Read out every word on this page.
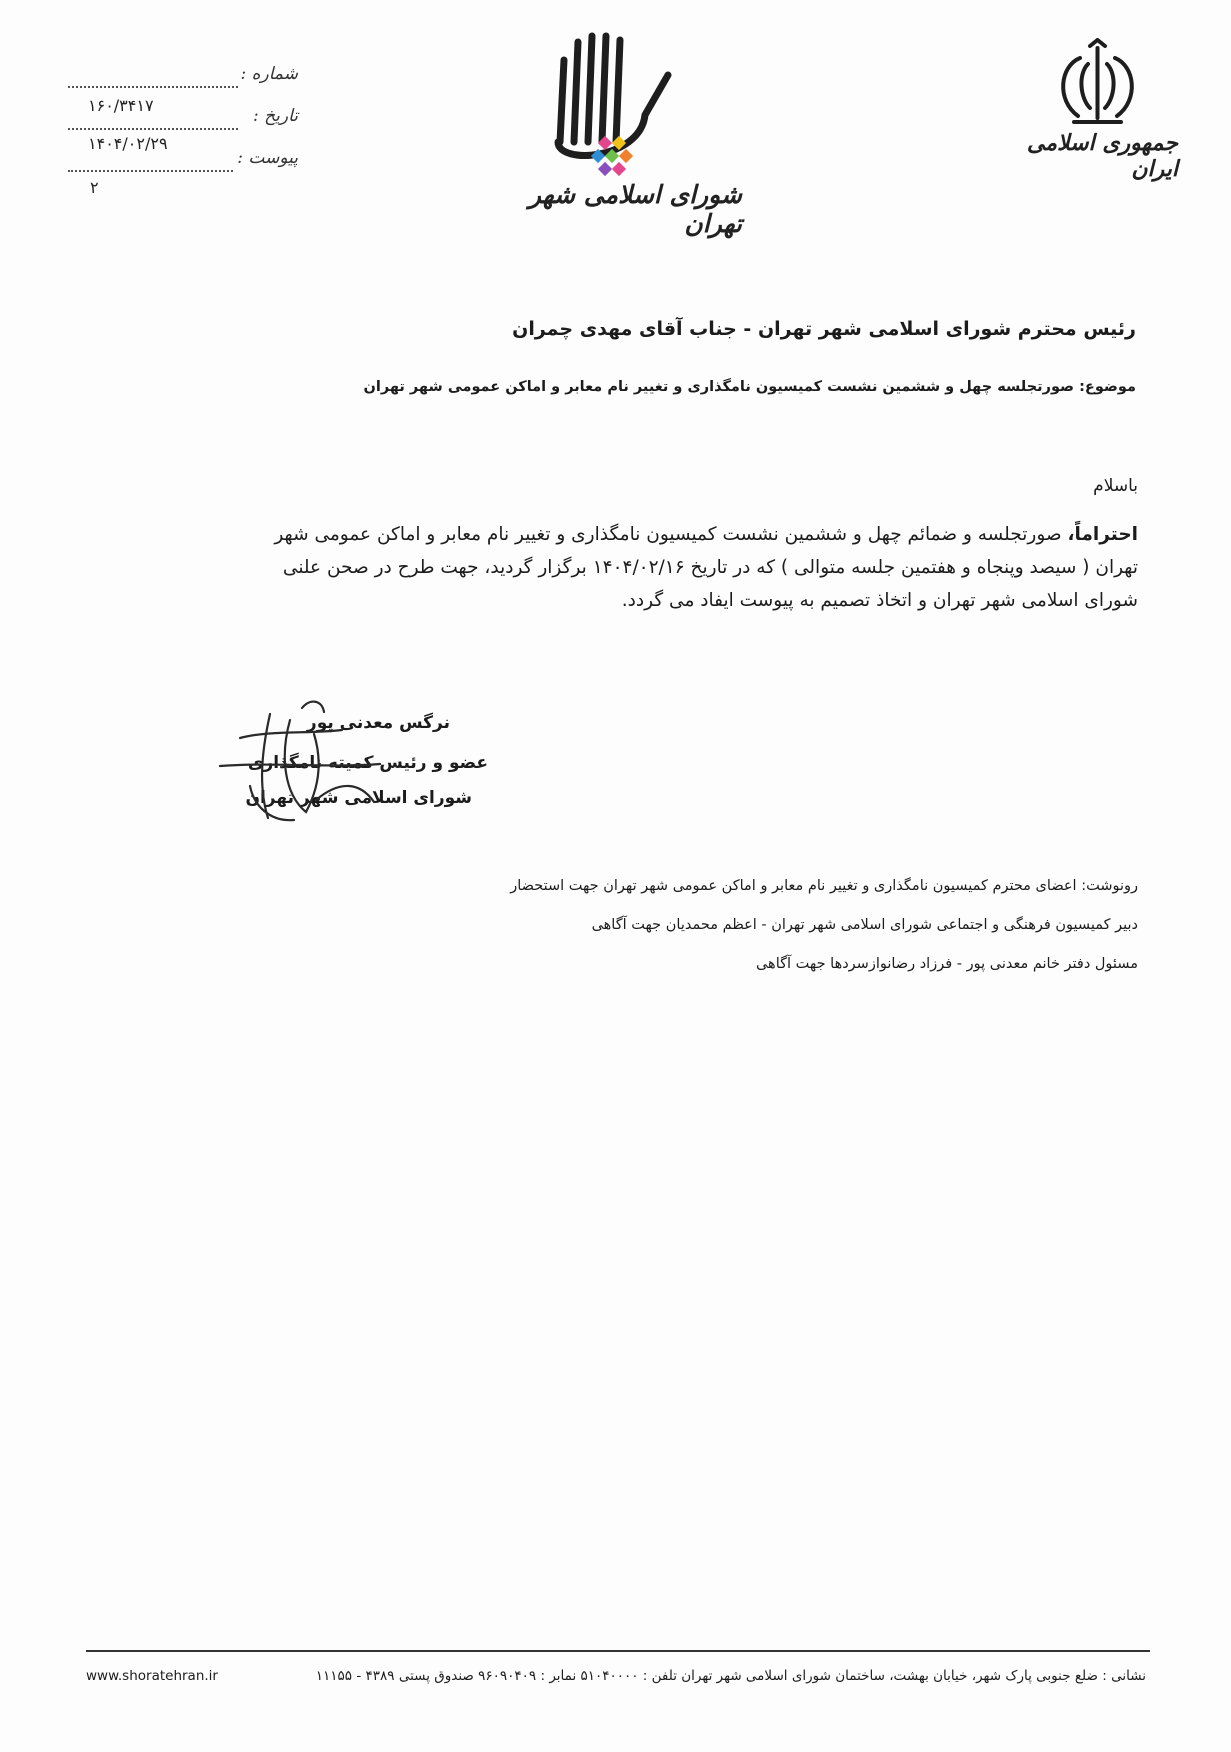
شماره :
۱۶۰/۳۴۱۷
تاریخ :
۱۴۰۴/۰۲/۲۹
پیوست :
۲	شورای اسلامی شهر تهران
جمهوری اسلامی ایران
رئیس محترم شورای اسلامی شهر تهران - جناب آقای مهدی چمران
موضوع: صورتجلسه چهل و ششمین نشست کمیسیون نامگذاری و تغییر نام معابر و اماکن عمومی شهر تهران
باسلام
احتراماً، صورتجلسه و ضمائم چهل و ششمین نشست کمیسیون نامگذاری و تغییر نام معابر و اماکن عمومی شهر
تهران ( سیصد وپنجاه و هفتمین جلسه متوالی ) که در تاریخ ۱۴۰۴/۰۲/۱۶ برگزار گردید، جهت طرح در صحن علنی
شورای اسلامی شهر تهران و اتخاذ تصمیم به پیوست ایفاد می گردد.
نرگس معدنی پور
عضو و رئیس کمیته نامگذاری
شورای اسلامی شهر تهران
رونوشت: اعضای محترم کمیسیون نامگذاری و تغییر نام معابر و اماکن عمومی شهر تهران جهت استحضار
دبیر کمیسیون فرهنگی و اجتماعی شورای اسلامی شهر تهران - اعظم محمدیان جهت آگاهی
مسئول دفتر خانم معدنی پور - فرزاد رضانوازسردها جهت آگاهی
نشانی : ضلع جنوبی پارک شهر، خیابان بهشت، ساختمان شورای اسلامی شهر تهران تلفن : ۵۱۰۴۰۰۰۰ نمابر : ۹۶۰۹۰۴۰۹ صندوق پستی ۴۳۸۹ - ۱۱۱۵۵
www.shoratehran.ir
